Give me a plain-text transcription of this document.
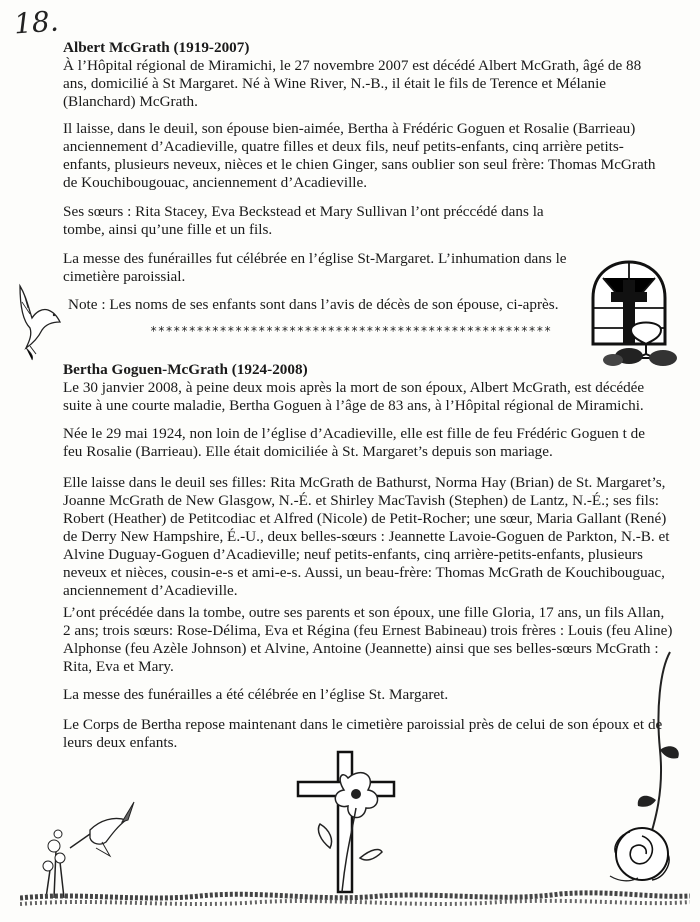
18.

Albert McGrath (1919-2007)

À l’Hôpital régional de Miramichi, le 27 novembre 2007 est décédé Albert McGrath, âgé de 88 ans, domicilié à St Margaret. Né à Wine River, N.-B., il était le fils de Terence et Mélanie (Blanchard) McGrath.

Il laisse, dans le deuil, son épouse bien-aimée, Bertha à Frédéric Goguen et Rosalie (Barrieau) anciennement d’Acadieville, quatre filles et deux fils, neuf petits-enfants, cinq arrière petits-enfants, plusieurs neveux, nièces et le chien Ginger, sans oublier son seul frère: Thomas McGrath de Kouchibougouac, anciennement d’Acadieville.

Ses sœurs : Rita Stacey, Eva Beckstead et Mary Sullivan l’ont préccédé dans la tombe, ainsi qu’une fille et un fils.

La messe des funérailles fut célébrée en l’église St-Margaret. L’inhumation dans le cimetière paroissial.

Note : Les noms de ses enfants sont dans l’avis de décès de son épouse, ci-après.

****************************************************

Bertha Goguen-McGrath (1924-2008)

Le 30 janvier 2008, à peine deux mois après la mort de son époux, Albert McGrath, est décédée suite à une courte maladie, Bertha Goguen à l’âge de 83 ans, à l’Hôpital régional de Miramichi.

Née le 29 mai 1924, non loin de l’église d’Acadieville, elle est fille de feu Frédéric Goguen t de feu Rosalie (Barrieau). Elle était domiciliée à St. Margaret’s depuis son mariage.

Elle laisse dans le deuil ses filles: Rita McGrath de Bathurst, Norma Hay (Brian) de St. Margaret’s, Joanne McGrath de New Glasgow, N.-É. et Shirley MacTavish (Stephen) de Lantz, N.-É.; ses fils: Robert (Heather) de Petitcodiac et Alfred (Nicole) de Petit-Rocher; une sœur, Maria Gallant (René) de Derry New Hampshire, É.-U., deux belles-sœurs : Jeannette Lavoie-Goguen de Parkton, N.-B. et Alvine Duguay-Goguen d’Acadieville; neuf petits-enfants, cinq arrière-petits-enfants, plusieurs neveux et nièces, cousin-e-s et ami-e-s. Aussi, un beau-frère: Thomas McGrath de Kouchibouguac, anciennement d’Acadieville.

L’ont précédée dans la tombe, outre ses parents et son époux, une fille Gloria, 17 ans, un fils Allan, 2 ans; trois sœurs: Rose-Délima, Eva et Régina (feu Ernest Babineau) trois frères : Louis (feu Aline) Alphonse (feu Azèle Johnson) et Alvine, Antoine (Jeannette) ainsi que ses belles-sœurs McGrath : Rita, Eva et Mary.

La messe des funérailles a été célébrée en l’église St. Margaret.

Le Corps de Bertha repose maintenant dans le cimetière paroissial près de celui de son époux et de leurs deux enfants.
